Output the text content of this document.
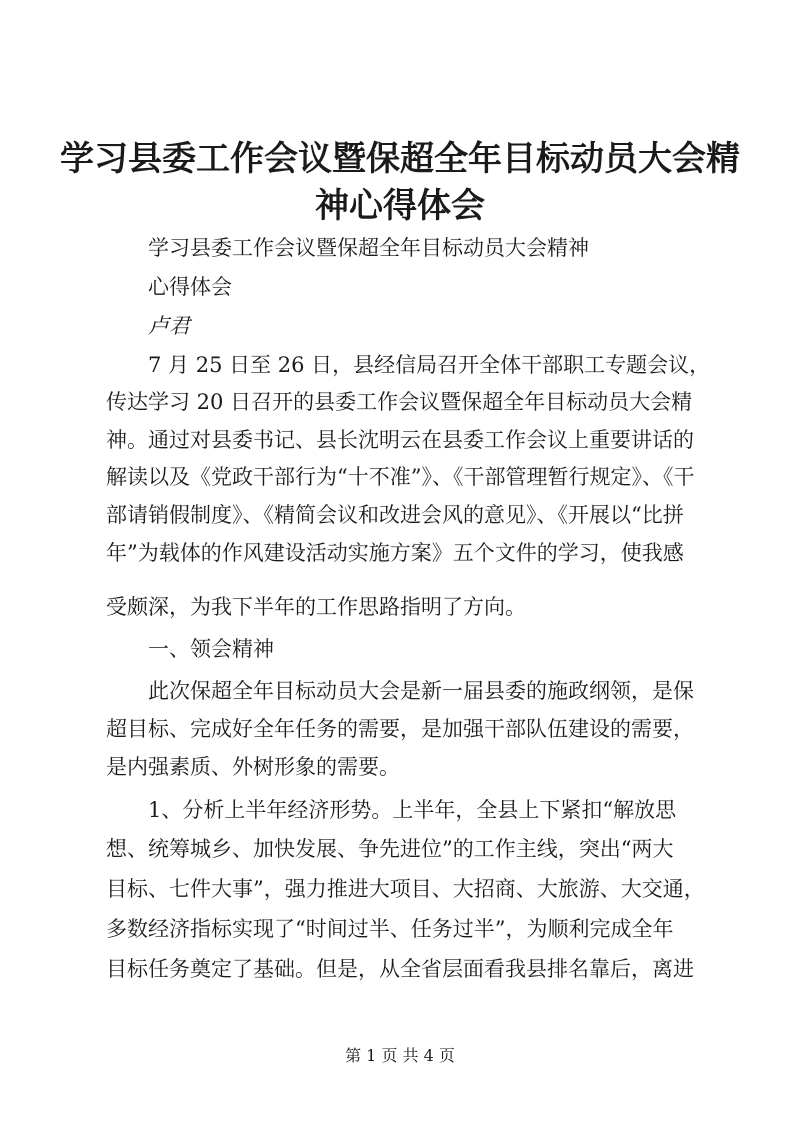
学习县委工作会议暨保超全年目标动员大会精神心得体会

学习县委工作会议暨保超全年目标动员大会精神

心得体会

卢君

7 月 25 日至 26 日，县经信局召开全体干部职工专题会议，

传达学习 20 日召开的县委工作会议暨保超全年目标动员大会精

神。通过对县委书记、县长沈明云在县委工作会议上重要讲话的

解读以及《党政干部行为“十不准”》、《干部管理暂行规定》、《干

部请销假制度》、《精简会议和改进会风的意见》、《开展以“比拼

年”为载体的作风建设活动实施方案》五个文件的学习，使我感

受颇深，为我下半年的工作思路指明了方向。

一、领会精神

此次保超全年目标动员大会是新一届县委的施政纲领，是保

超目标、完成好全年任务的需要，是加强干部队伍建设的需要，

是内强素质、外树形象的需要。

1、分析上半年经济形势。上半年，全县上下紧扣“解放思

想、统筹城乡、加快发展、争先进位”的工作主线，突出“两大

目标、七件大事”，强力推进大项目、大招商、大旅游、大交通，

多数经济指标实现了“时间过半、任务过半”，为顺利完成全年

目标任务奠定了基础。但是，从全省层面看我县排名靠后，离进

第 1 页 共 4 页
